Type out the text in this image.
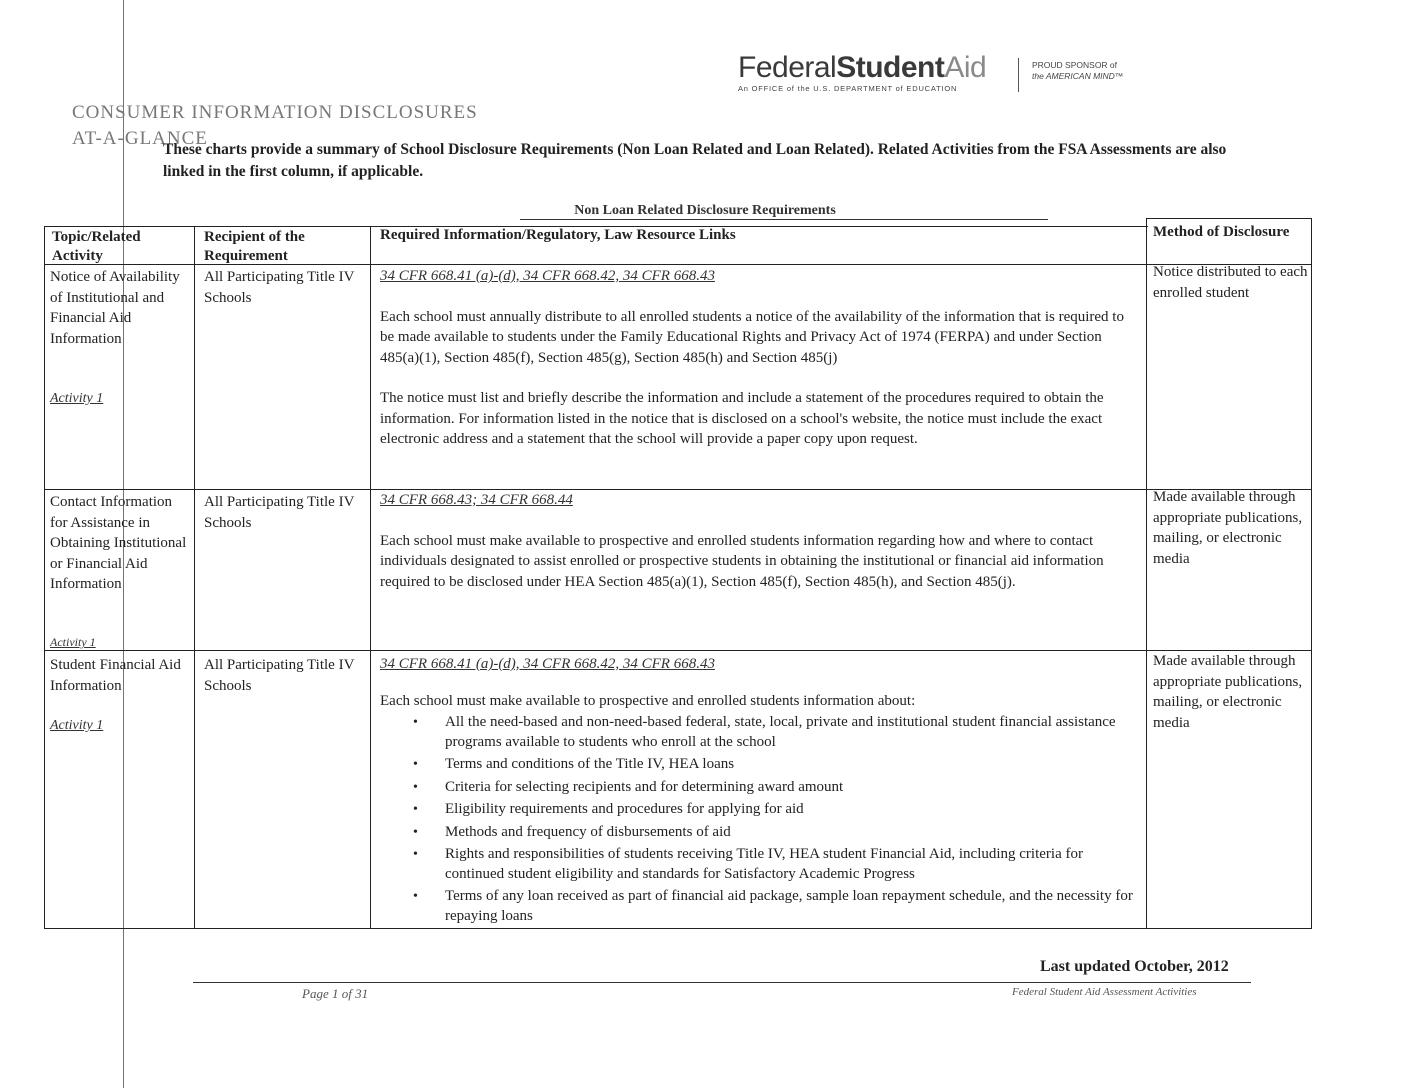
FederalStudentAid
An OFFICE of the U.S. DEPARTMENT of EDUCATION
PROUD SPONSOR of
the AMERICAN MIND™
CONSUMER INFORMATION DISCLOSURES
AT-A-GLANCE
These charts provide a summary of School Disclosure Requirements (Non Loan Related and Loan Related). Related Activities from the FSA Assessments are also linked in the first column, if applicable.
Non Loan Related Disclosure Requirements
Topic/Related Activity
Recipient of the Requirement
Required Information/Regulatory, Law Resource Links	Method of Disclosure
Notice of Availability of Institutional and Financial Aid Information
Activity 1
All Participating Title IV Schools

34 CFR 668.41 (a)-(d), 34 CFR 668.42, 34 CFR 668.43

Each school must annually distribute to all enrolled students a notice of the availability of the information that is required to be made available to students under the Family Educational Rights and Privacy Act of 1974 (FERPA) and under Section 485(a)(1), Section 485(f), Section 485(g), Section 485(h) and Section 485(j)

The notice must list and briefly describe the information and include a statement of the procedures required to obtain the information. For information listed in the notice that is disclosed on a school's website, the notice must include the exact electronic address and a statement that the school will provide a paper copy upon request.

Notice distributed to each enrolled student
Contact Information for Assistance in Obtaining Institutional or Financial Aid Information
Activity 1
All Participating Title IV Schools

34 CFR 668.43; 34 CFR 668.44

Each school must make available to prospective and enrolled students information regarding how and where to contact individuals designated to assist enrolled or prospective students in obtaining the institutional or financial aid information required to be disclosed under HEA Section 485(a)(1), Section 485(f), Section 485(h), and Section 485(j).

Made available through appropriate publications, mailing, or electronic media
Student Financial Aid Information
Activity 1
All Participating Title IV Schools

34 CFR 668.41 (a)-(d), 34 CFR 668.42, 34 CFR 668.43

Each school must make available to prospective and enrolled students information about:

• All the need-based and non-need-based federal, state, local, private and institutional student financial assistance programs available to students who enroll at the school
• Terms and conditions of the Title IV, HEA loans
• Criteria for selecting recipients and for determining award amount
• Eligibility requirements and procedures for applying for aid
• Methods and frequency of disbursements of aid
• Rights and responsibilities of students receiving Title IV, HEA student Financial Aid, including criteria for continued student eligibility and standards for Satisfactory Academic Progress
• Terms of any loan received as part of financial aid package, sample loan repayment schedule, and the necessity for repaying loans
Made available through appropriate publications, mailing, or electronic media
Last updated October, 2012
Page 1 of 31	Federal Student Aid Assessment Activities
